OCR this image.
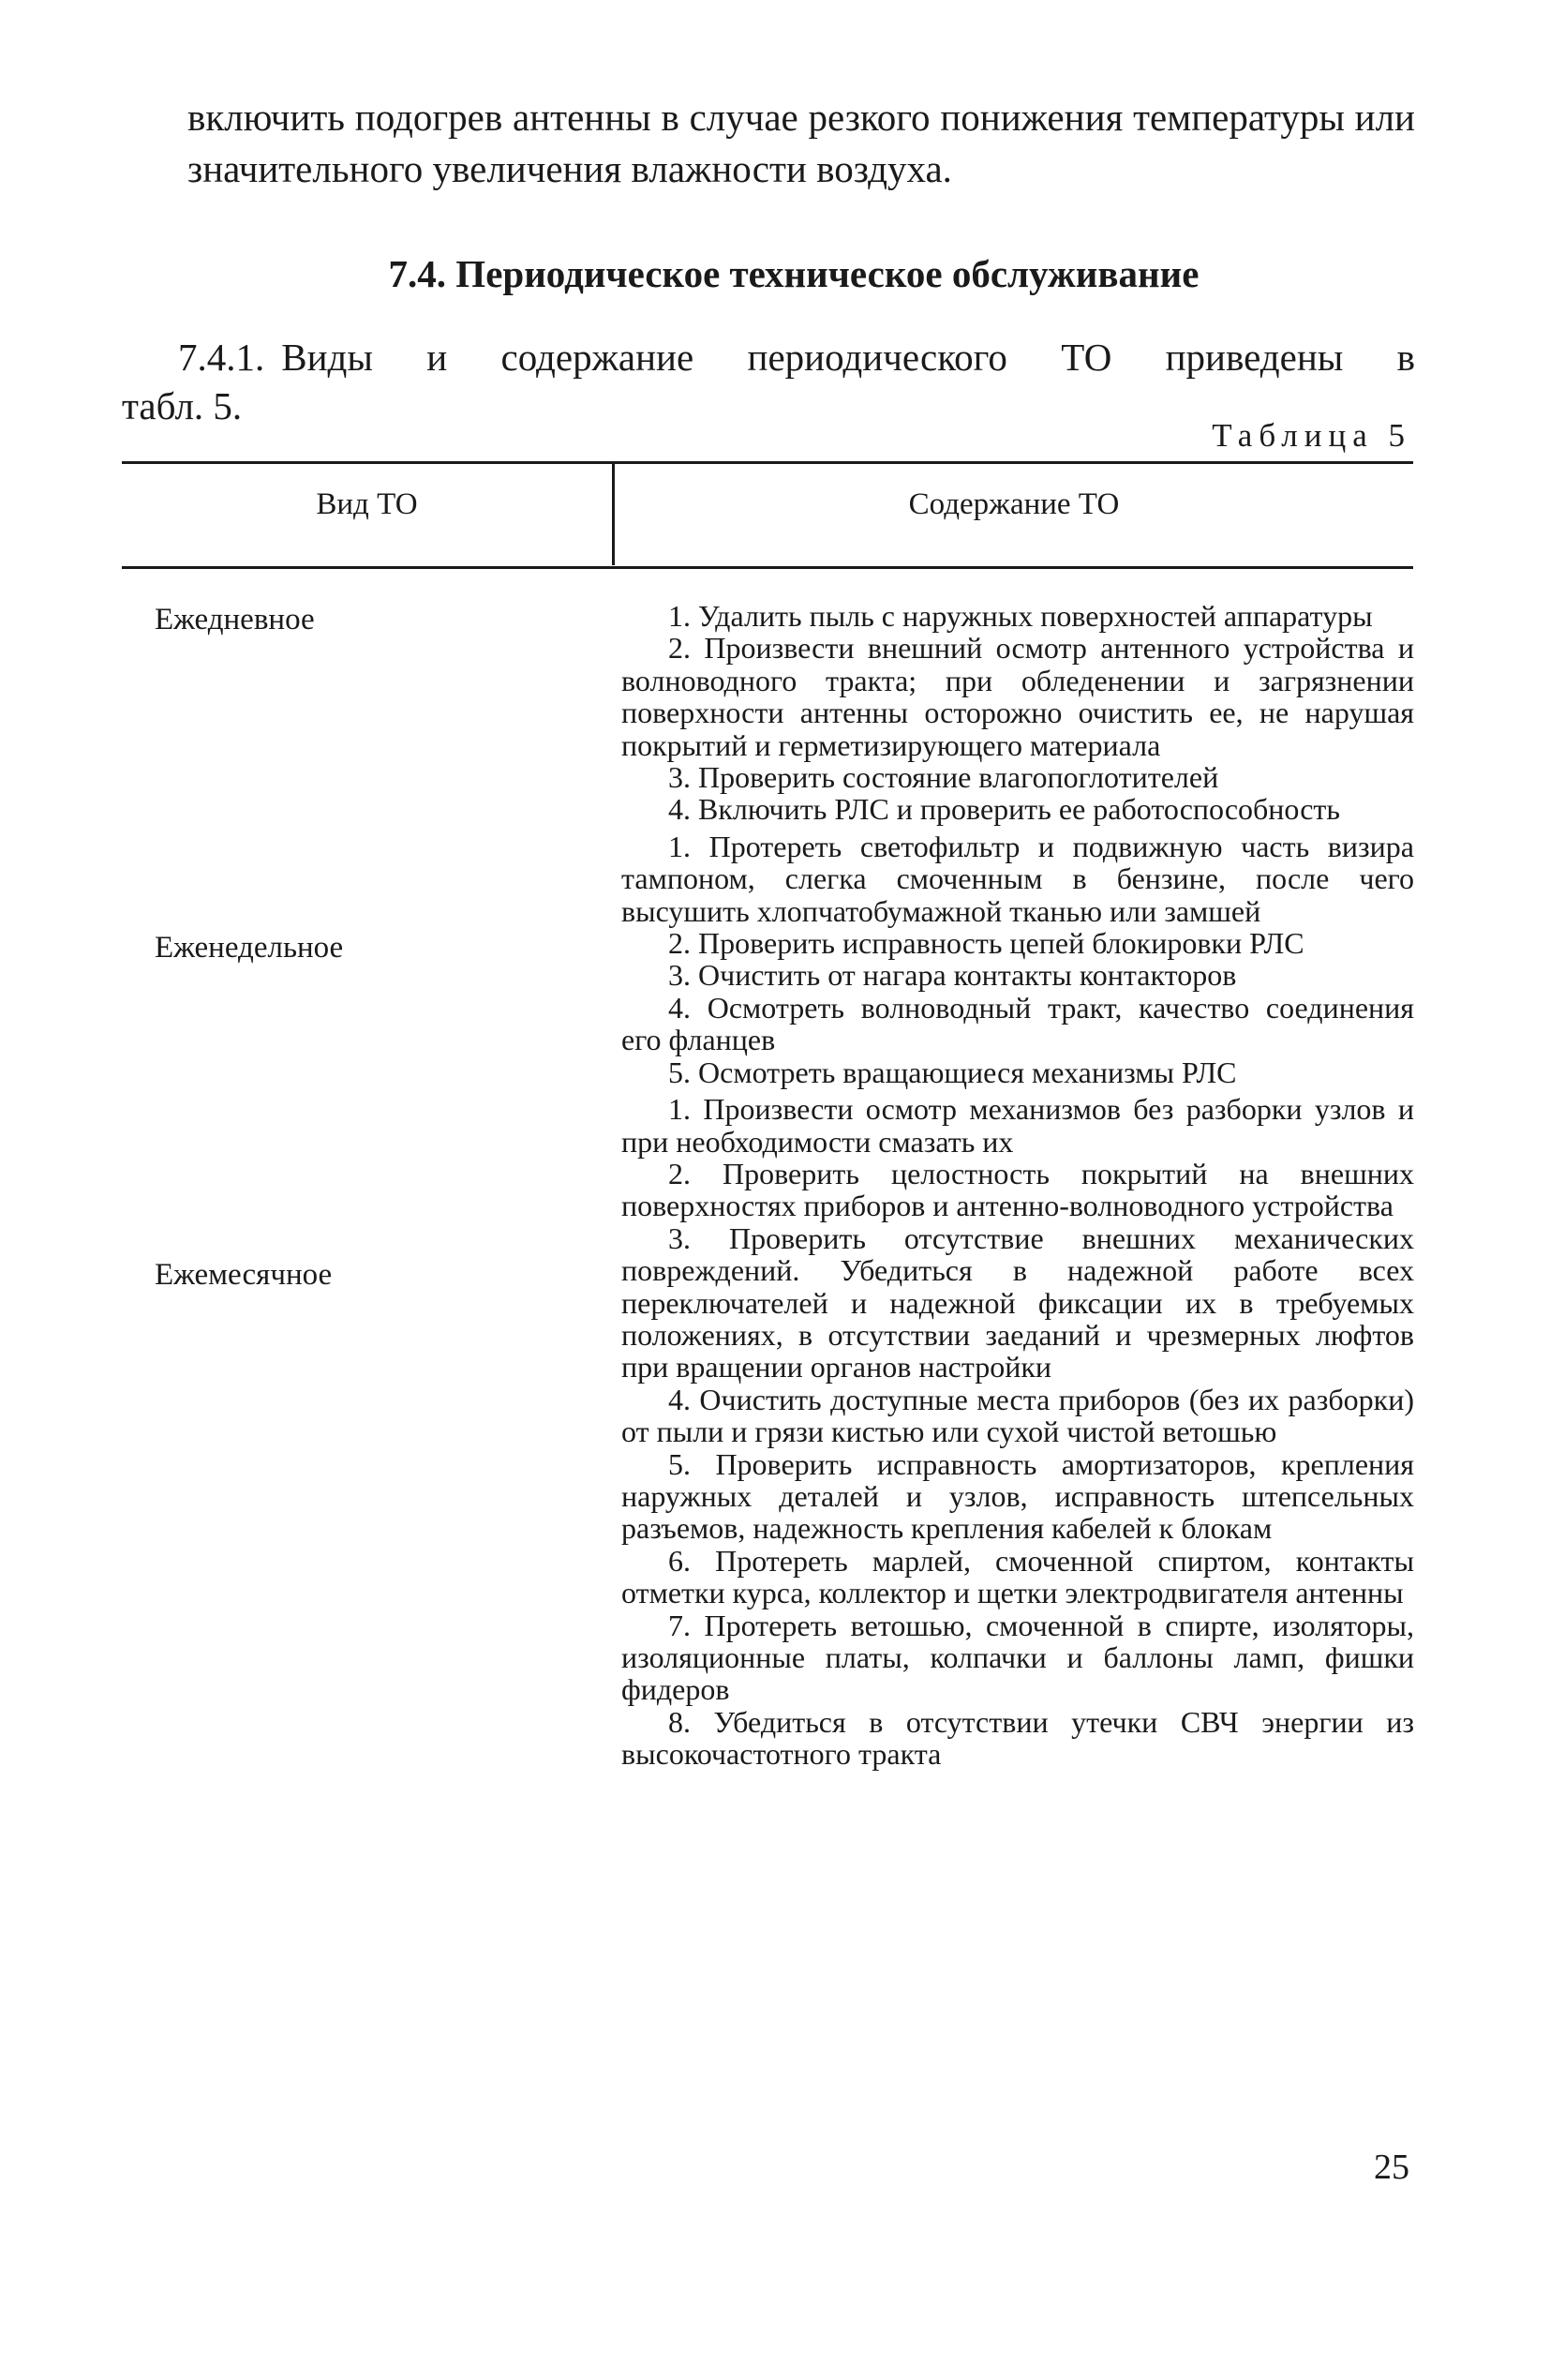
включить подогрев антенны в случае резкого понижения температуры или значительного увеличения влажности воздуха.
7.4. Периодическое техническое обслуживание
7.4.1. Виды и содержание периодического ТО приведены в
табл. 5.
Таблица 5
Вид ТО	Содержание ТО
Ежедневное
Еженедельное
Ежемесячное

1. Удалить пыль с наружных поверхностей аппаратуры

2. Произвести внешний осмотр антенного устройства и волноводного тракта; при обледенении и загрязнении поверхности антенны осторожно очистить ее, не нарушая покрытий и герметизирующего материала

3. Проверить состояние влагопоглотителей

4. Включить РЛС и проверить ее работоспособность

1. Протереть светофильтр и подвижную часть визира тампоном, слегка смоченным в бензине, после чего высушить хлопчатобумажной тканью или замшей

2. Проверить исправность цепей блокировки РЛС

3. Очистить от нагара контакты контакторов

4. Осмотреть волноводный тракт, качество соединения его фланцев

5. Осмотреть вращающиеся механизмы РЛС

1. Произвести осмотр механизмов без разборки узлов и при необходимости смазать их

2. Проверить целостность покрытий на внешних поверхностях приборов и антенно-волноводного устройства

3. Проверить отсутствие внешних механических повреждений. Убедиться в надежной работе всех переключателей и надежной фиксации их в требуемых положениях, в отсутствии заеданий и чрезмерных люфтов при вращении органов настройки

4. Очистить доступные места приборов (без их разборки) от пыли и грязи кистью или сухой чистой ветошью

5. Проверить исправность амортизаторов, крепления наружных деталей и узлов, исправность штепсельных разъемов, надежность крепления кабелей к блокам

6. Протереть марлей, смоченной спиртом, контакты отметки курса, коллектор и щетки электродвигателя антенны

7. Протереть ветошью, смоченной в спирте, изоляторы, изоляционные платы, колпачки и баллоны ламп, фишки фидеров

8. Убедиться в отсутствии утечки СВЧ энергии из высокочастотного тракта

25
